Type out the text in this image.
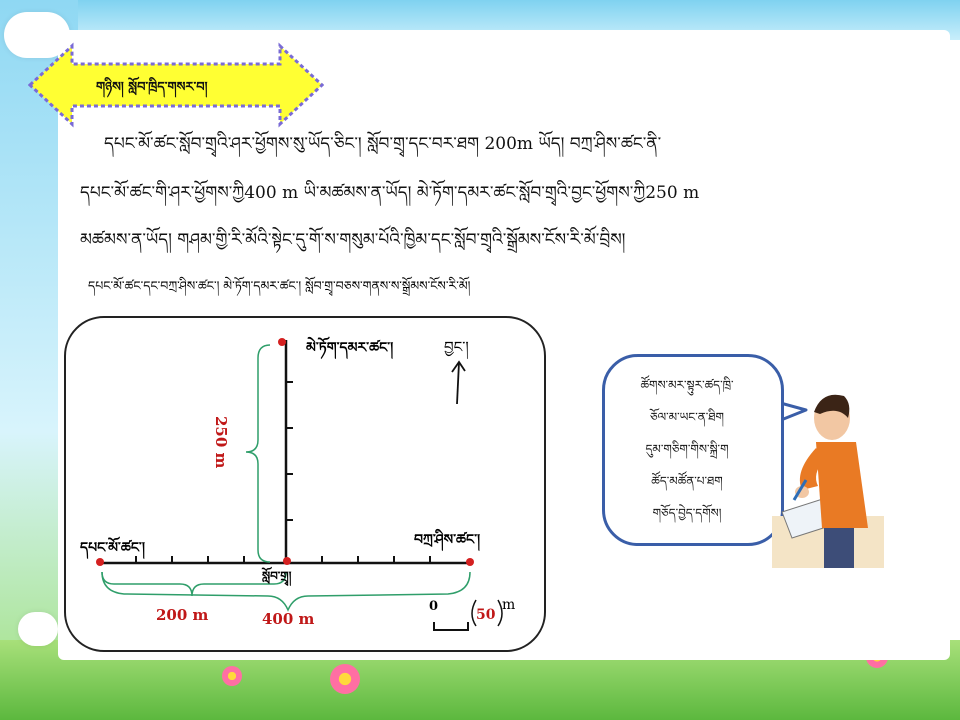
གཉིས། སློབ་ཁྲིད་གསར་བ།
དཔང་མོ་ཚང་སློབ་གྲྭའི་ཤར་ཕྱོགས་སུ་ཡོད་ཅིང་། སློབ་གྲྭ་དང་བར་ཐག 200m ཡོད། བཀྲ་ཤིས་ཚང་ནི་
དཔང་མོ་ཚང་གི་ཤར་ཕྱོགས་ཀྱི400 m ཡི་མཚམས་ན་ཡོད། མེ་ཏོག་དམར་ཚང་སློབ་གྲྭའི་བྱང་ཕྱོགས་ཀྱི250 m
མཚམས་ན་ཡོད། གཤམ་གྱི་རི་མོའི་སྟེང་དུ་གོ་ས་གསུམ་པོའི་ཁྱིམ་དང་སློབ་གྲྭའི་སྒྲོམས་ངོས་རི་མོ་བྲིས།
དཔང་མོ་ཚང་དང་བཀྲ་ཤིས་ཚང་། མེ་ཏོག་དམར་ཚང་། སློབ་གྲྭ་བཅས་གནས་ས་སྒྲོམས་ངོས་རི་མོ།
བྱང་།
མེ་ཏོག་དམར་ཚང་།
དཔང་མོ་ཚང་།	བཀྲ་ཤིས་ཚང་།
སློབ་གྲྭ།
250 m
200 m	400 m
0
50
m
ཚོགས་མར་སྟུར་ཚད་ཁྲི་
ཅོལ་མ་ཡང་ན་ཐིག
དུམ་གཅིག་གིས་སྐྲི་ག
ཚོད་མཚོན་པ་ཐག
གཅོད་བྱེད་དགོས།
